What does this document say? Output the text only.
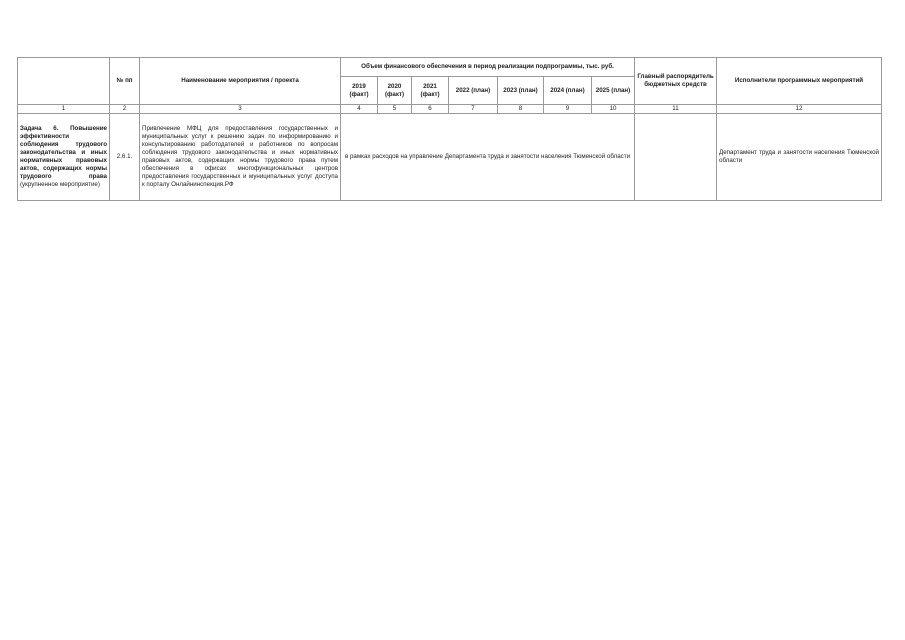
	№ пп	Наименование мероприятия / проекта	Объем финансового обеспечения в период реализации подпрограммы, тыс. руб.							Главный распорядитель бюджетных средств	Исполнители программных мероприятий
			2019 (факт)	2020 (факт)	2021 (факт)	2022 (план)	2023 (план)	2024 (план)	2025 (план)		
1	2	3	4	5	6	7	8	9	10	11	12
Задача 6. Повышение эффективности соблюдения трудового законодательства и иных нормативных правовых актов, содержащих нормы трудового права (укрупненное мероприятие)	2.6.1.	Привлечение МФЦ для предоставления государственных и муниципальных услуг к решению задач по информированию и консультированию работодателей и работников по вопросам соблюдения трудового законодательства и иных нормативных правовых актов, содержащих нормы трудового права путем обеспечения в офисах многофункциональных центров предоставления государственных и муниципальных услуг доступа к порталу Онлайнинспекция.РФ	в рамках расходов на управление Департамента труда и занятости населения Тюменской области								Департамент труда и занятости населения Тюменской области
